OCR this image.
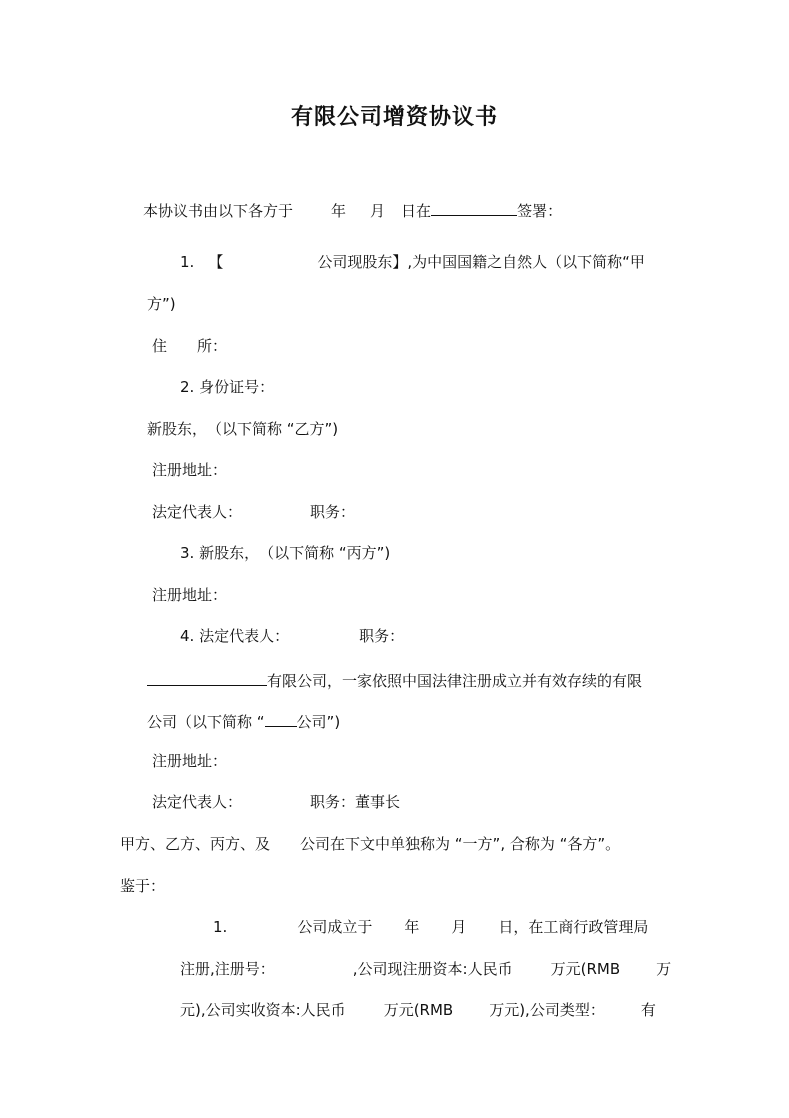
有限公司增资协议书
本协议书由以下各方于	年 月 日在	签署：
1. 【	公司现股东】,为中国国籍之自然人（以下简称“甲
方”)
住　　所：
2. 身份证号：
新股东，　（以下简称 “乙方”)
注册地址：
法定代表人：	职务：
3. 新股东，　（以下简称 “丙方”)
注册地址：
4. 法定代表人：	职务：
有限公司，一家依照中国法律注册成立并有效存续的有限
公司（以下简称 “ 公司”)
注册地址：
法定代表人：	职务：董事长
甲方、乙方、丙方、及 公司在下文中单独称为 “一方”, 合称为 “各方”。
鉴于：
1.	公司成立于 年 月 日，在工商行政管理局
注册,注册号：	,公司现注册资本:人民币	万元(RMB 万
元),公司实收资本:人民币	万元(RMB 万元),公司类型： 有
